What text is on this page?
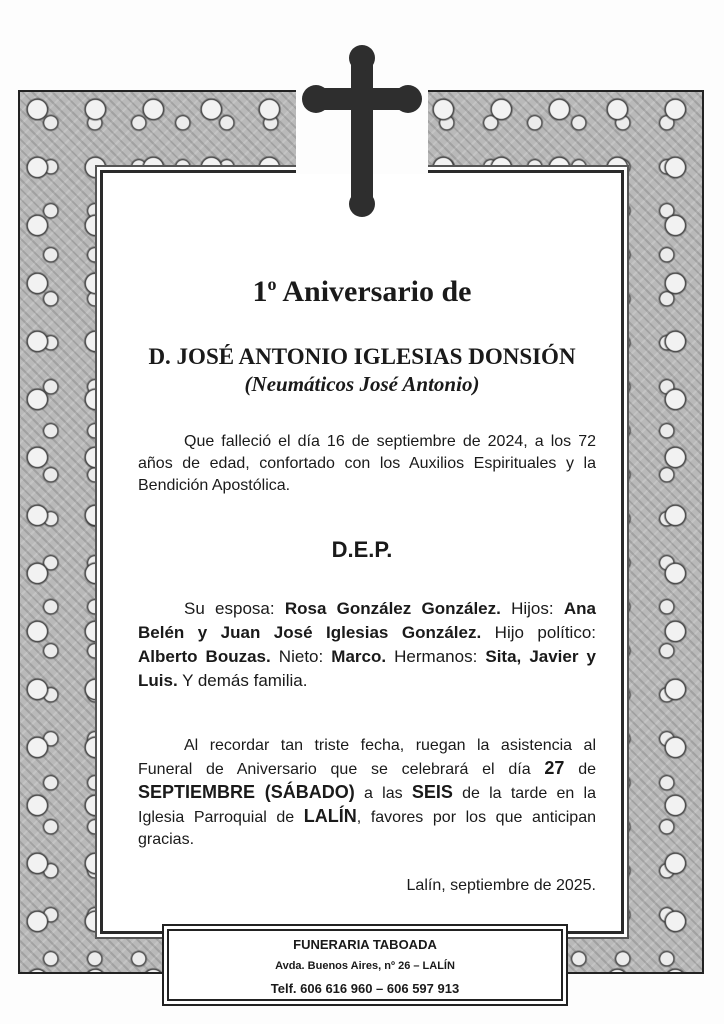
1$^o$ Aniversario de
D. JOSÉ ANTONIO IGLESIAS DONSIÓN
(Neumáticos José Antonio)
Que falleció el día 16 de septiembre de 2024, a los 72 años de edad, confortado con los Auxilios Espirituales y la Bendición Apostólica.
D.E.P.
Su esposa: Rosa González González. Hijos: Ana Belén y Juan José Iglesias González. Hijo político: Alberto Bouzas. Nieto: Marco. Hermanos: Sita, Javier y Luis. Y demás familia.
Al recordar tan triste fecha, ruegan la asistencia al Funeral de Aniversario que se celebrará el día 27 de SEPTIEMBRE (SÁBADO) a las SEIS de la tarde en la Iglesia Parroquial de LALÍN, favores por los que anticipan gracias.
Lalín, septiembre de 2025.
FUNERARIA TABOADA
Avda. Buenos Aires, nº 26 – LALÍN
Telf. 606 616 960 – 606 597 913
